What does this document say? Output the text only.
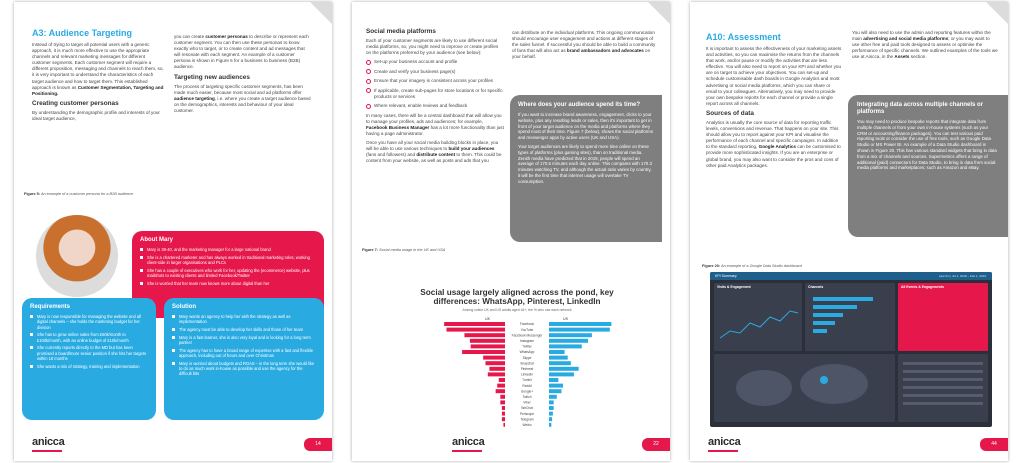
A3: Audience Targeting

Instead of trying to target all potential users with a generic approach, it is much more effective to use the appropriate channels and relevant marketing messages for different customer segments. Each customer segment will require a different proposition, messaging and channels to reach them, so, it is very important to understand the characteristics of each target audience and how to target them. This established approach is known as Customer Segmentation, Targeting and Positioning.

Creating customer personas

By understanding the demographic profile and interests of your ideal target audience,

you can create customer personas to describe or represent each customer segment. You can then use these personas to know exactly who to target, or to create content and ad messages that will resonate with each segment. An example of a customer persona is shown in Figure 5 for a business to business (B2B) audience.

Targeting new audiences

The process of targeting specific customer segments, has been made much easier, because most social and ad platforms offer audience targeting, i.e. where you create a target audience based on the demographics, interests and behaviour of your ideal customer.

Figure 5: An example of a customer persona for a B2B audience
About Mary
Mary is 38-40, and the marketing manager for a large national brand
She is a chartered marketer and has always worked in traditional marketing roles, working client-side in larger organisations and PLCs
She has a couple of executives who work for her, updating the (ecommerce) website, plus mailshots to existing clients and limited Facebook/Twitter
She is worried that her team now knows more about digital than her
Requirements
Mary is now responsible for managing the website and all digital channels – she holds the marketing budget for her division
She has to grow online sales from £50k/month to £100k/month, with an online budget of £10k/month
She currently reports directly to the MD but has been promised a board/more senior position if she hits her targets within 18 months
She wants a mix of strategy, training and implementation
Solution
Mary wants an agency to help her with the strategy as well as implementation
The agency must be able to develop her skills and those of her team
Mary is a fast learner, she is also very loyal and is looking for a long term partner
The agency has to have a broad range of expertise with a fast and flexible approach, including out of hours and over Christmas
Mary is worried about budgets and ROAS – in the long term she would like to do as much work in-house as possible and use the agency for the difficult bits
anicca	14
Social media platforms

Each of your customer segments are likely to use different social media platforms, so, you might need to improve or create profiles on the platforms preferred by your audience (see below):

Set-up your business account and profile
Create and verify your business page(s)
Ensure that your imagery is consistent across your profiles
If applicable, create sub-pages for store locations or for specific products or services
Where relevant, enable reviews and feedback

In many cases, there will be a central dashboard that will allow you to manage your profiles, ads and audiences; for example, Facebook Business Manager has a lot more functionality than just having a page administrator.

Once you have all your social media building blocks in place, you will be able to use various techniques to build your audiences (fans and followers) and distribute content to them. This could be content from your website, as well as posts and ads that you

can distribute on the individual platforms. This ongoing communication should encourage user engagement and actions at different stages of the sales funnel. If successful you should be able to build a community of fans that will also act as brand ambassadors and advocates on your behalf.

Where does your audience spend its time?

If you want to increase brand awareness, engagement, clicks to your website, plus any resulting leads or sales, then it's important to get in front of your target audience on the media and platforms where they spend most of their time. Figure 7 (below), shows the social platforms and messenger apps by active users (UK and USA).

Your target audiences are likely to spend more time online on these types of platforms (plus gaming sites), than on traditional media. Zenith media have predicted that in 2019, people will spend an average of 170.6 minutes each day online. This compares with 170.3 minutes watching TV, and although the actual ratio varies by country, it will be the first time that internet usage will overtake TV consumption.

Figure 7: Social media usage in the UK and USA
Social usage largely aligned across the pond, key differences: WhatsApp, Pinterest, LinkedIn
Among online UK and US adults aged 16+, the % who use each network
UK	US
Facebook
YouTube
Facebook Messenger
Instagram
Twitter
WhatsApp
Skype
Snapchat
Pinterest
LinkedIn
Tumblr
Reddit
Google+
Twitch
Viber
WeChat
Periscope
Telegram
Weibo
anicca	22
A10: Assessment

It is important to assess the effectiveness of your marketing assets and activities, so you can maximise the returns from the channels that work, and/or pause or modify the activities that are less effective. You will also need to report on your KPI and whether you are on target to achieve your objectives. You can set-up and schedule customisable dash boards in Google Analytics and most advertising or social media platforms, which you can share or email to your colleagues. Alternatively, you may need to provide your own bespoke reports for each channel or provide a single report across all channels.

Sources of data

Analytics is usually the core source of data for reporting traffic levels, conversions and revenue. That happens on your site. This should allow you to report against your KPI and visualise the performance of each channel and specific campaigns. In addition to the standard reporting, Google Analytics can be customised to provide more sophisticated insights. If you are an enterprise or global brand, you may also want to consider the pros and cons of other paid Analytics packages.

You will also need to use the admin and reporting features within the main advertising and social media platforms; or you may want to use other free and paid tools designed to assess or optimise the performance of specific channels. We outlined examples of the tools we use at Anicca, in the Assets section.

Integrating data across multiple channels or platforms

You may need to produce bespoke reports that integrate data from multiple channels or from your own in-house systems (such as your CRM or accounting/finance packages). You can test various paid reporting tools or consider the use of free tools, such as Google Data Studio or MS Power BI. An example of a Data Studio dashboard is shown in Figure 20. This has various standard widgets that bring in data from a mix of channels and sources. Supermetrics offers a range of additional (paid) connectors for Data Studio, to bring in data from social media platforms and marketplaces; such as Amazon and eBay.

Figure 20: An example of a Google Data Studio dashboard
KPI Summary	Last 6m | Jul 1, 2018 – Feb 1, 2019
Visits & Engagement	Channels	All Events & Engagements
anicca	44
